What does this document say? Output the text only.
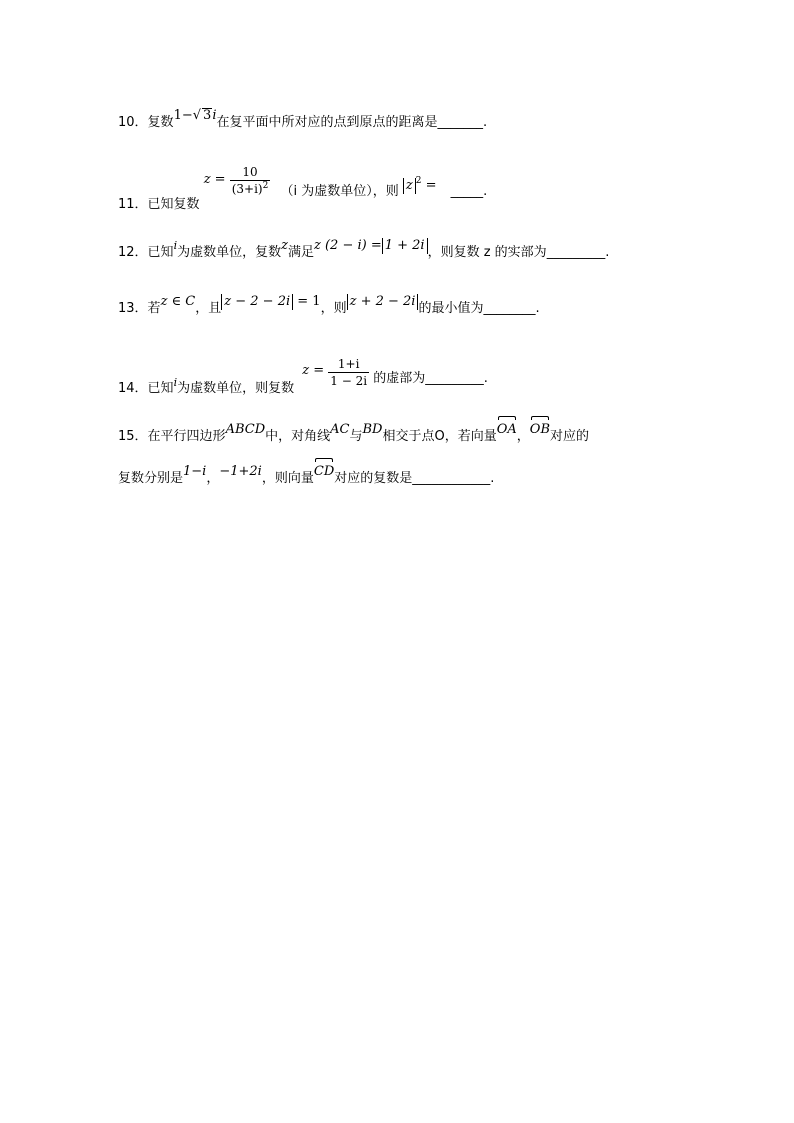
10．复数1−√ 3i在复平面中所对应的点到原点的距离是_______.
11．已知复数 $z = \frac{10}{(3+i)^2} (i$ 为虚数单位），则 z $^2$ = _____.
12．已知i为虚数单位，复数z满足z (2 − i) = 1 + 2i ，则复数 z 的实部为_________.
13．若z ∈ C，且 z − 2 − 2i = 1，则 z + 2 − 2i 的最小值为________.
14．已知$_i$为虚数单位，则复数 $z = \frac{1+i}{1 - 2i}$ 的虚部为_________.
15．在平行四边形ABCD中，对角线AC与BD相交于点O，若向量OA，OB对应的
复数分别是1−i，−1+2i，则向量CD对应的复数是____________.
